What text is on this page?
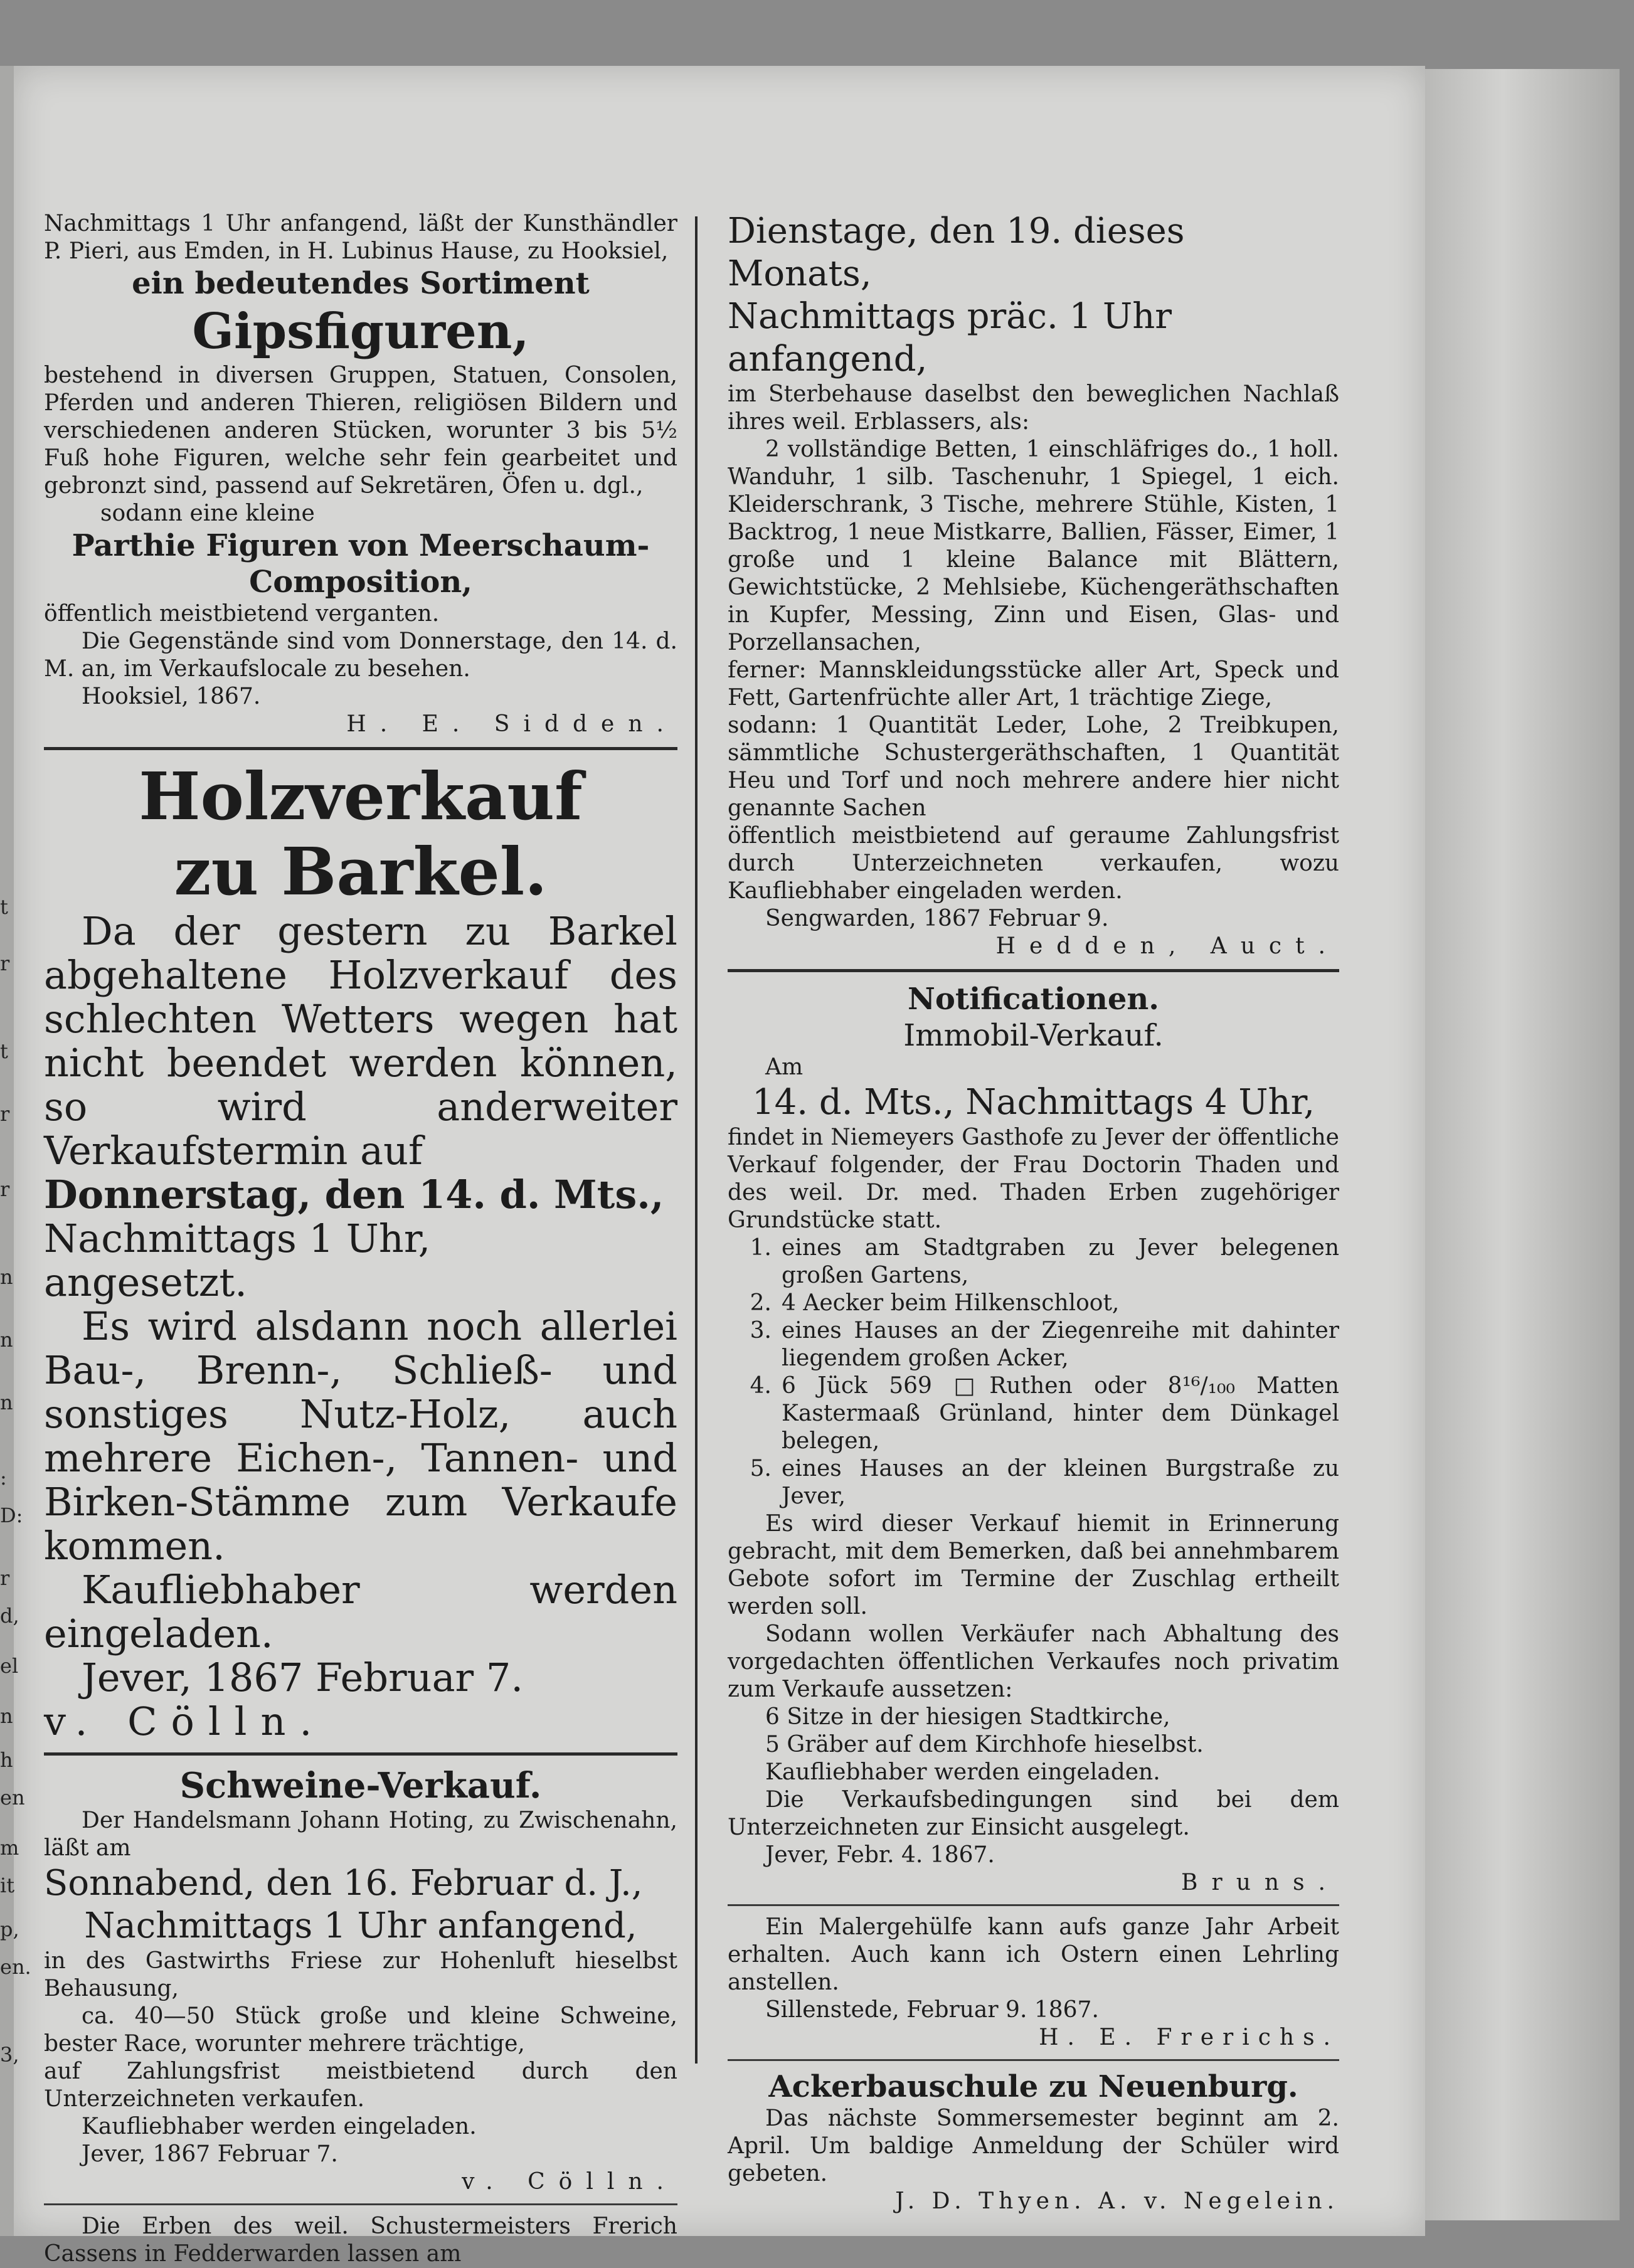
t
r
t
r
r
n
n
n
:
D:
r
d,
el
n
h
en
m
it
p,
en.
3,

Nachmittags 1 Uhr anfangend, läßt der Kunsthändler P. Pieri, aus Emden, in H. Lubinus Hause, zu Hooksiel,

ein bedeutendes Sortiment

Gipsfiguren,

bestehend in diversen Gruppen, Statuen, Consolen, Pferden und anderen Thieren, religiösen Bildern und verschiedenen anderen Stücken, worunter 3 bis 5½ Fuß hohe Figuren, welche sehr fein gearbeitet und gebronzt sind, passend auf Sekretären, Öfen u. dgl.,

sodann eine kleine

Parthie Figuren von Meerschaum-

Composition,

öffentlich meistbietend verganten.

Die Gegenstände sind vom Donnerstage, den 14. d. M. an, im Verkaufslocale zu besehen.

Hooksiel, 1867.

H. E. Sidden.

Holzverkauf

zu Barkel.

Da der gestern zu Barkel abgehaltene Holzverkauf des schlechten Wetters wegen hat nicht beendet werden können, so wird anderweiter Verkaufstermin auf

Donnerstag, den 14. d. Mts.,

Nachmittags 1 Uhr,

angesetzt.

Es wird alsdann noch allerlei Bau-, Brenn-, Schließ- und sonstiges Nutz-Holz, auch mehrere Eichen-, Tannen- und Birken-Stämme zum Verkaufe kommen.

Kaufliebhaber werden eingeladen.

Jever, 1867 Februar 7.

v. Cölln.

Schweine-Verkauf.

Der Handelsmann Johann Hoting, zu Zwischenahn, läßt am

Sonnabend, den 16. Februar d. J.,

Nachmittags 1 Uhr anfangend,

in des Gastwirths Friese zur Hohenluft hieselbst Behausung,

ca. 40—50 Stück große und kleine Schweine, bester Race, worunter mehrere trächtige,

auf Zahlungsfrist meistbietend durch den Unterzeichneten verkaufen.

Kaufliebhaber werden eingeladen.

Jever, 1867 Februar 7.

v. Cölln.

Die Erben des weil. Schustermeisters Frerich Cassens in Fedderwarden lassen am

Dienstage, den 19. dieses Monats,

Nachmittags präc. 1 Uhr anfangend,

im Sterbehause daselbst den beweglichen Nachlaß ihres weil. Erblassers, als:

2 vollständige Betten, 1 einschläfriges do., 1 holl. Wanduhr, 1 silb. Taschenuhr, 1 Spiegel, 1 eich. Kleiderschrank, 3 Tische, mehrere Stühle, Kisten, 1 Backtrog, 1 neue Mistkarre, Ballien, Fässer, Eimer, 1 große und 1 kleine Balance mit Blättern, Gewichtstücke, 2 Mehlsiebe, Küchengeräthschaften in Kupfer, Messing, Zinn und Eisen, Glas- und Porzellansachen,

ferner: Mannskleidungsstücke aller Art, Speck und Fett, Gartenfrüchte aller Art, 1 trächtige Ziege,

sodann: 1 Quantität Leder, Lohe, 2 Treibkupen, sämmtliche Schustergeräthschaften, 1 Quantität Heu und Torf und noch mehrere andere hier nicht genannte Sachen

öffentlich meistbietend auf geraume Zahlungsfrist durch Unterzeichneten verkaufen, wozu Kaufliebhaber eingeladen werden.

Sengwarden, 1867 Februar 9.

Hedden, Auct.

Notificationen.

Immobil-Verkauf.

Am

14. d. Mts., Nachmittags 4 Uhr,

findet in Niemeyers Gasthofe zu Jever der öffentliche Verkauf folgender, der Frau Doctorin Thaden und des weil. Dr. med. Thaden Erben zugehöriger Grundstücke statt.

1. eines am Stadtgraben zu Jever belegenen großen Gartens,
2. 4 Aecker beim Hilkenschloot,
3. eines Hauses an der Ziegenreihe mit dahinter liegendem großen Acker,
4. 6 Jück 569 □Ruthen oder 8¹⁶/₁₀₀ Matten Kastermaaß Grünland, hinter dem Dünkagel belegen,
5. eines Hauses an der kleinen Burgstraße zu Jever,

Es wird dieser Verkauf hiemit in Erinnerung gebracht, mit dem Bemerken, daß bei annehmbarem Gebote sofort im Termine der Zuschlag ertheilt werden soll.

Sodann wollen Verkäufer nach Abhaltung des vorgedachten öffentlichen Verkaufes noch privatim zum Verkaufe aussetzen:

6 Sitze in der hiesigen Stadtkirche,

5 Gräber auf dem Kirchhofe hieselbst.

Kaufliebhaber werden eingeladen.

Die Verkaufsbedingungen sind bei dem Unterzeichneten zur Einsicht ausgelegt.

Jever, Febr. 4. 1867.

Bruns.

Ein Malergehülfe kann aufs ganze Jahr Arbeit erhalten. Auch kann ich Ostern einen Lehrling anstellen.

Sillenstede, Februar 9. 1867.

H. E. Frerichs.

Ackerbauschule zu Neuenburg.

Das nächste Sommersemester beginnt am 2. April. Um baldige Anmeldung der Schüler wird gebeten.

J. D. Thyen. A. v. Negelein.
